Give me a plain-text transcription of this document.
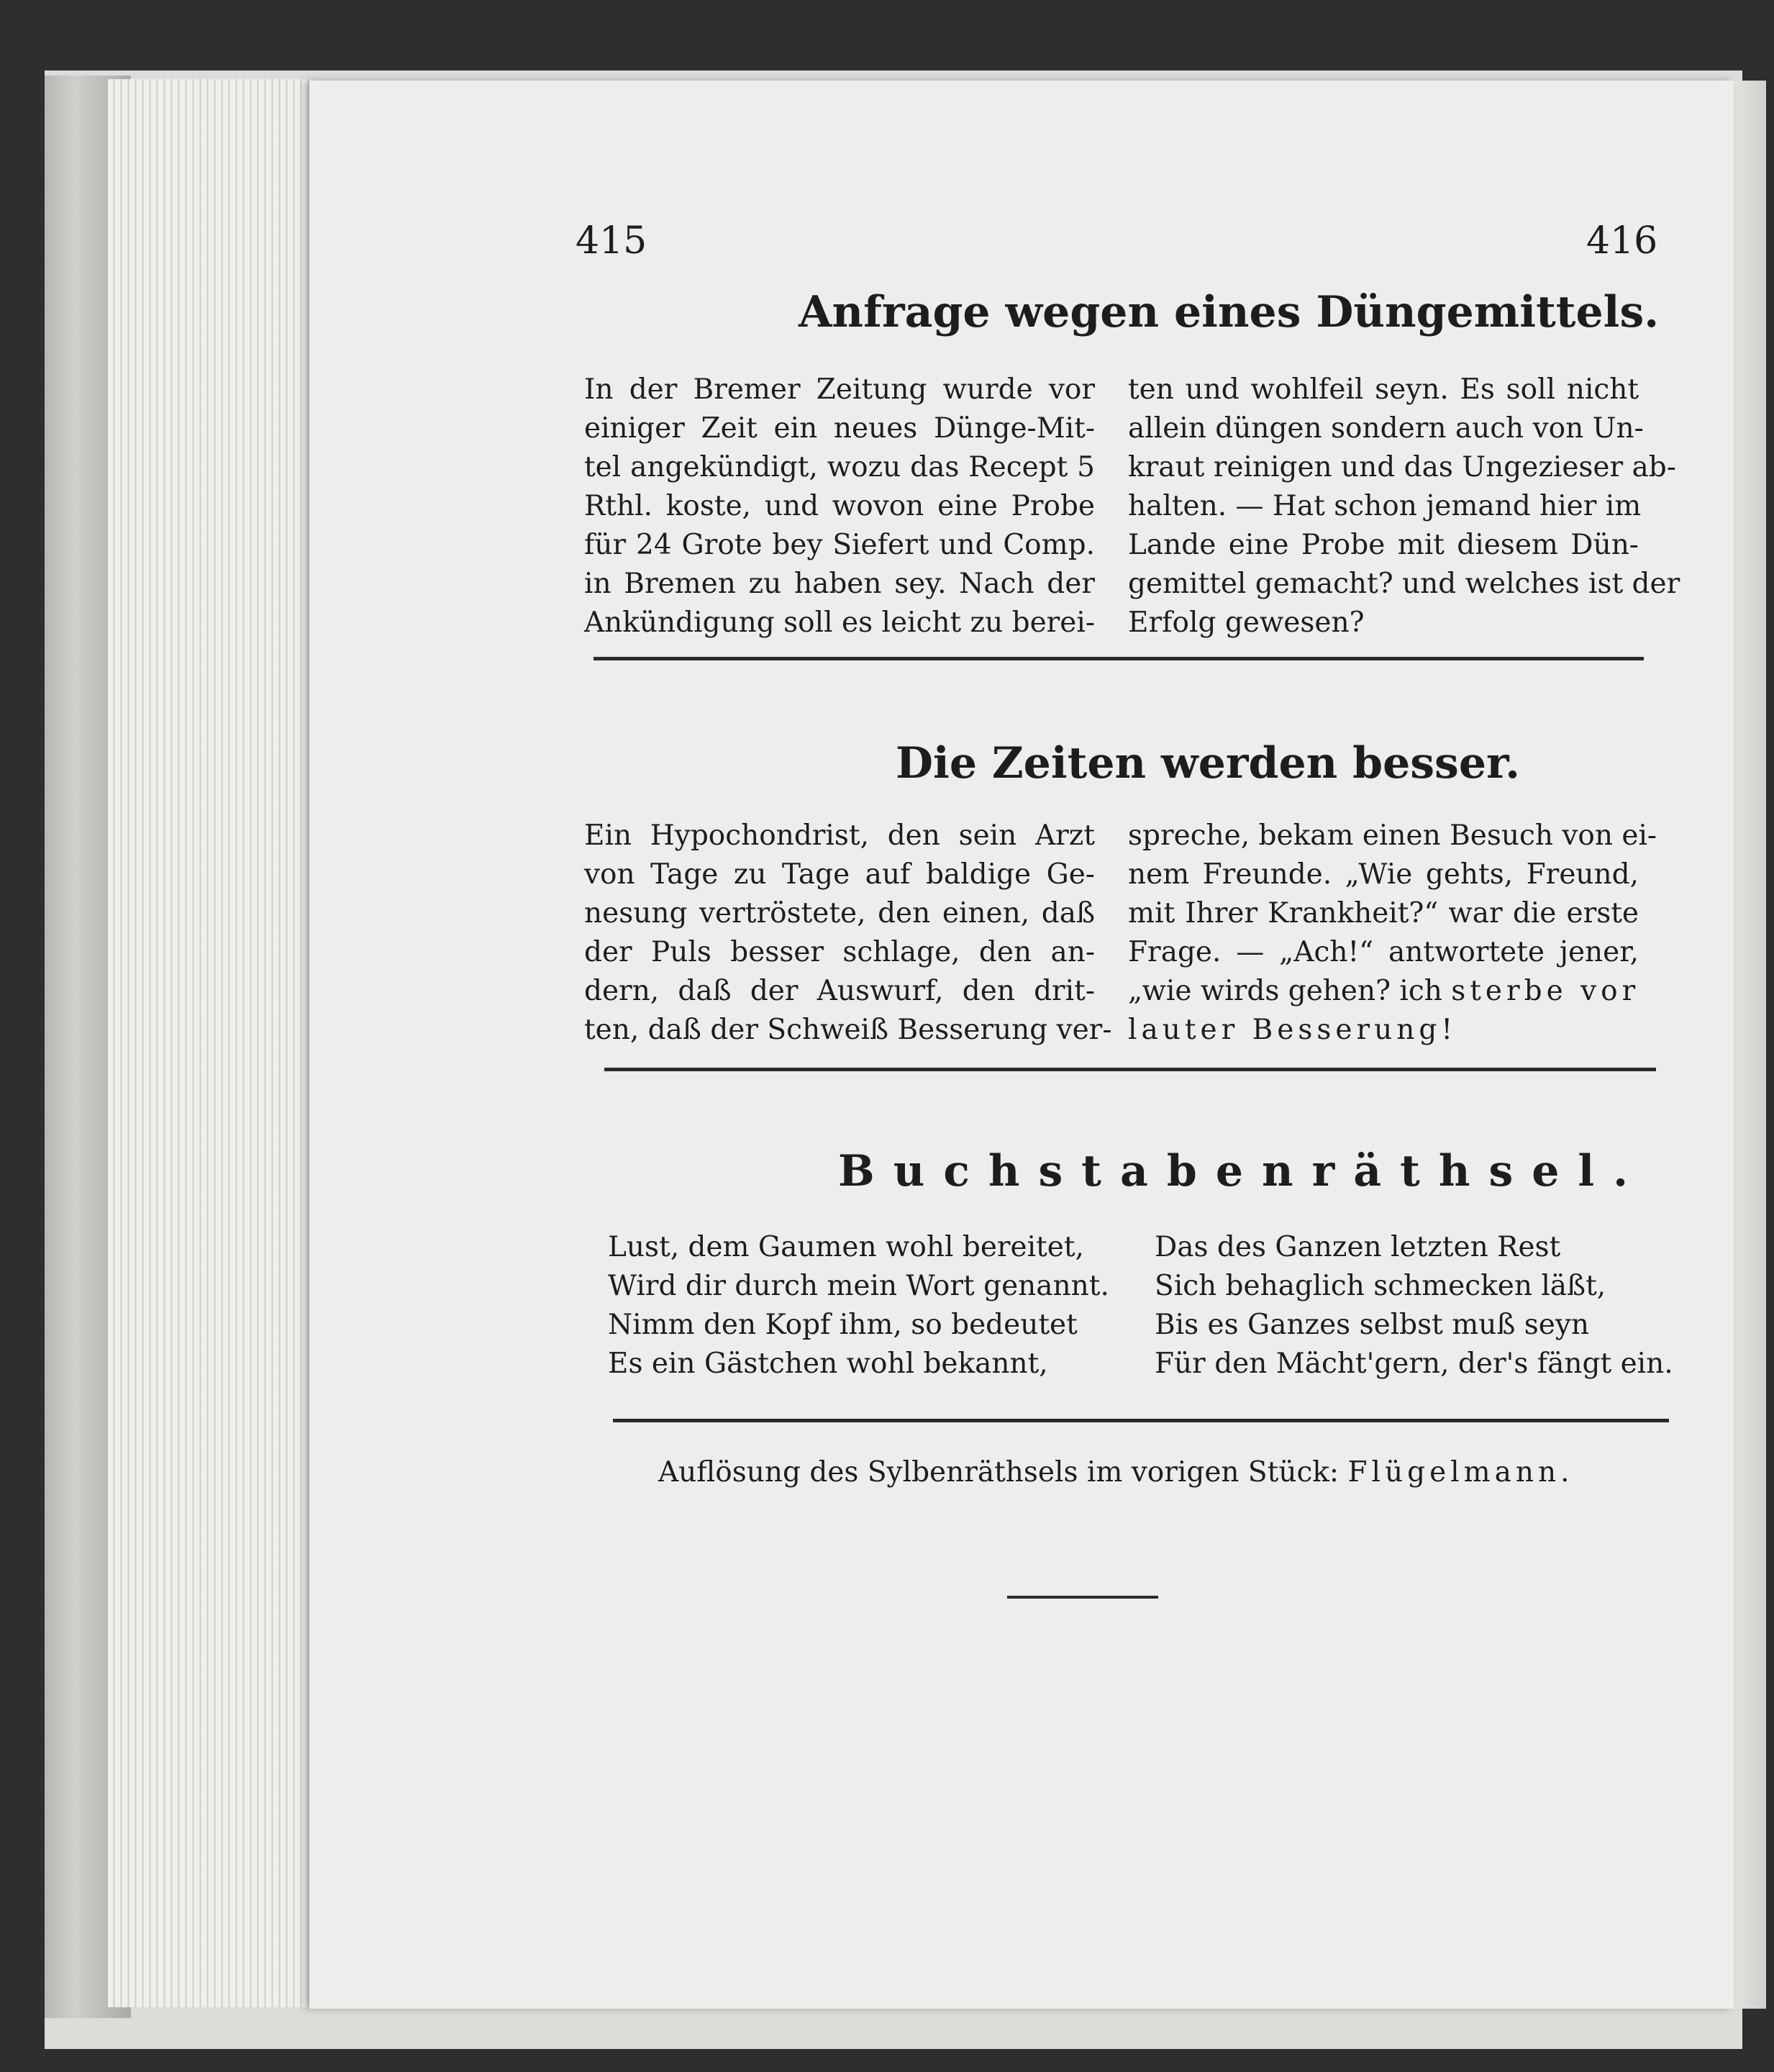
415	416
Anfrage wegen eines Düngemittels.
In der Bremer Zeitung wurde vor
einiger Zeit ein neues Dünge-Mit-
tel angekündigt, wozu das Recept 5
Rthl. koste, und wovon eine Probe
für 24 Grote bey Siefert und Comp.
in Bremen zu haben sey. Nach der
Ankündigung soll es leicht zu berei-
ten und wohlfeil seyn. Es soll nicht
allein düngen sondern auch von Un-
kraut reinigen und das Ungezieser ab-
halten. — Hat schon jemand hier im
Lande eine Probe mit diesem Dün-
gemittel gemacht? und welches ist der
Erfolg gewesen?
Die Zeiten werden besser.
Ein Hypochondrist, den sein Arzt
von Tage zu Tage auf baldige Ge-
nesung vertröstete, den einen, daß
der Puls besser schlage, den an-
dern, daß der Auswurf, den drit-
ten, daß der Schweiß Besserung ver-
spreche, bekam einen Besuch von ei-
nem Freunde. „Wie gehts, Freund,
mit Ihrer Krankheit?“ war die erste
Frage. — „Ach!“ antwortete jener,
„wie wirds gehen? ich sterbe vor
lauter Besserung!
Buchstabenräthsel.
Lust, dem Gaumen wohl bereitet,
Wird dir durch mein Wort genannt.
Nimm den Kopf ihm, so bedeutet
Es ein Gästchen wohl bekannt,
Das des Ganzen letzten Rest
Sich behaglich schmecken läßt,
Bis es Ganzes selbst muß seyn
Für den Mächt'gern, der's fängt ein.

Auflösung des Sylbenräthsels im vorigen Stück: Flügelmann.
